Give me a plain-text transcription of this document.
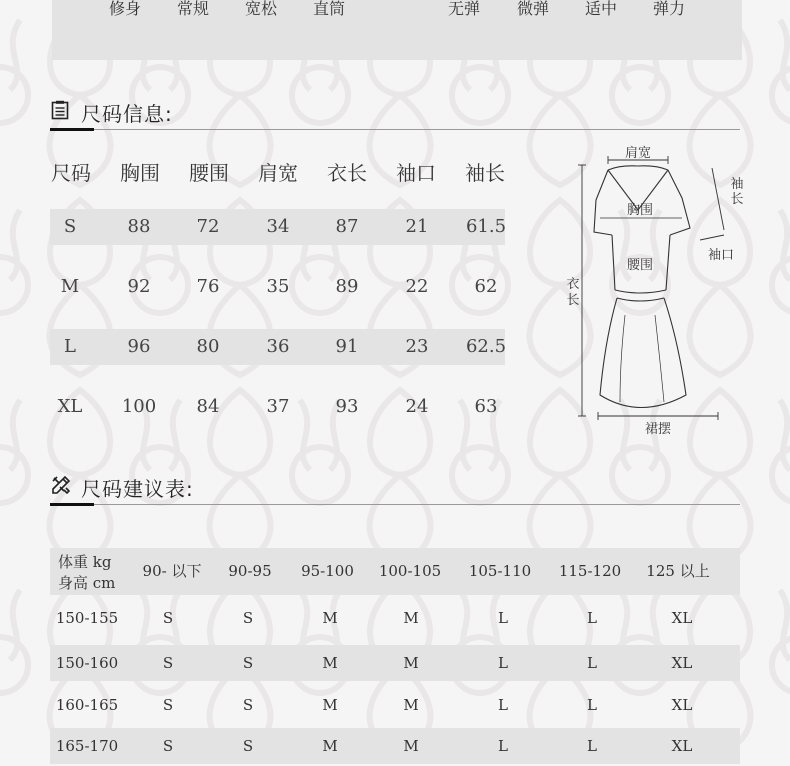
修身	常规	宽松	直筒	无弹	微弹	适中	弹力
尺码信息:
尺码	胸围	腰围	肩宽	衣长	袖口	袖长
S	88	72	34	87	21	61.5
M	92	76	35	89	22	62
L	96	80	36	91	23	62.5
XL	100	84	37	93	24	63
肩宽
胸围
腰围
袖
长
袖口
衣
长
裙摆
尺码建议表:
体重 kg
身高 cm
90- 以下	90-95	95-100	100-105	105-110	115-120	125 以上
150-155	S	S	M	M	L	L	XL
150-160	S	S	M	M	L	L	XL
160-165	S	S	M	M	L	L	XL
165-170	S	S	M	M	L	L	XL
